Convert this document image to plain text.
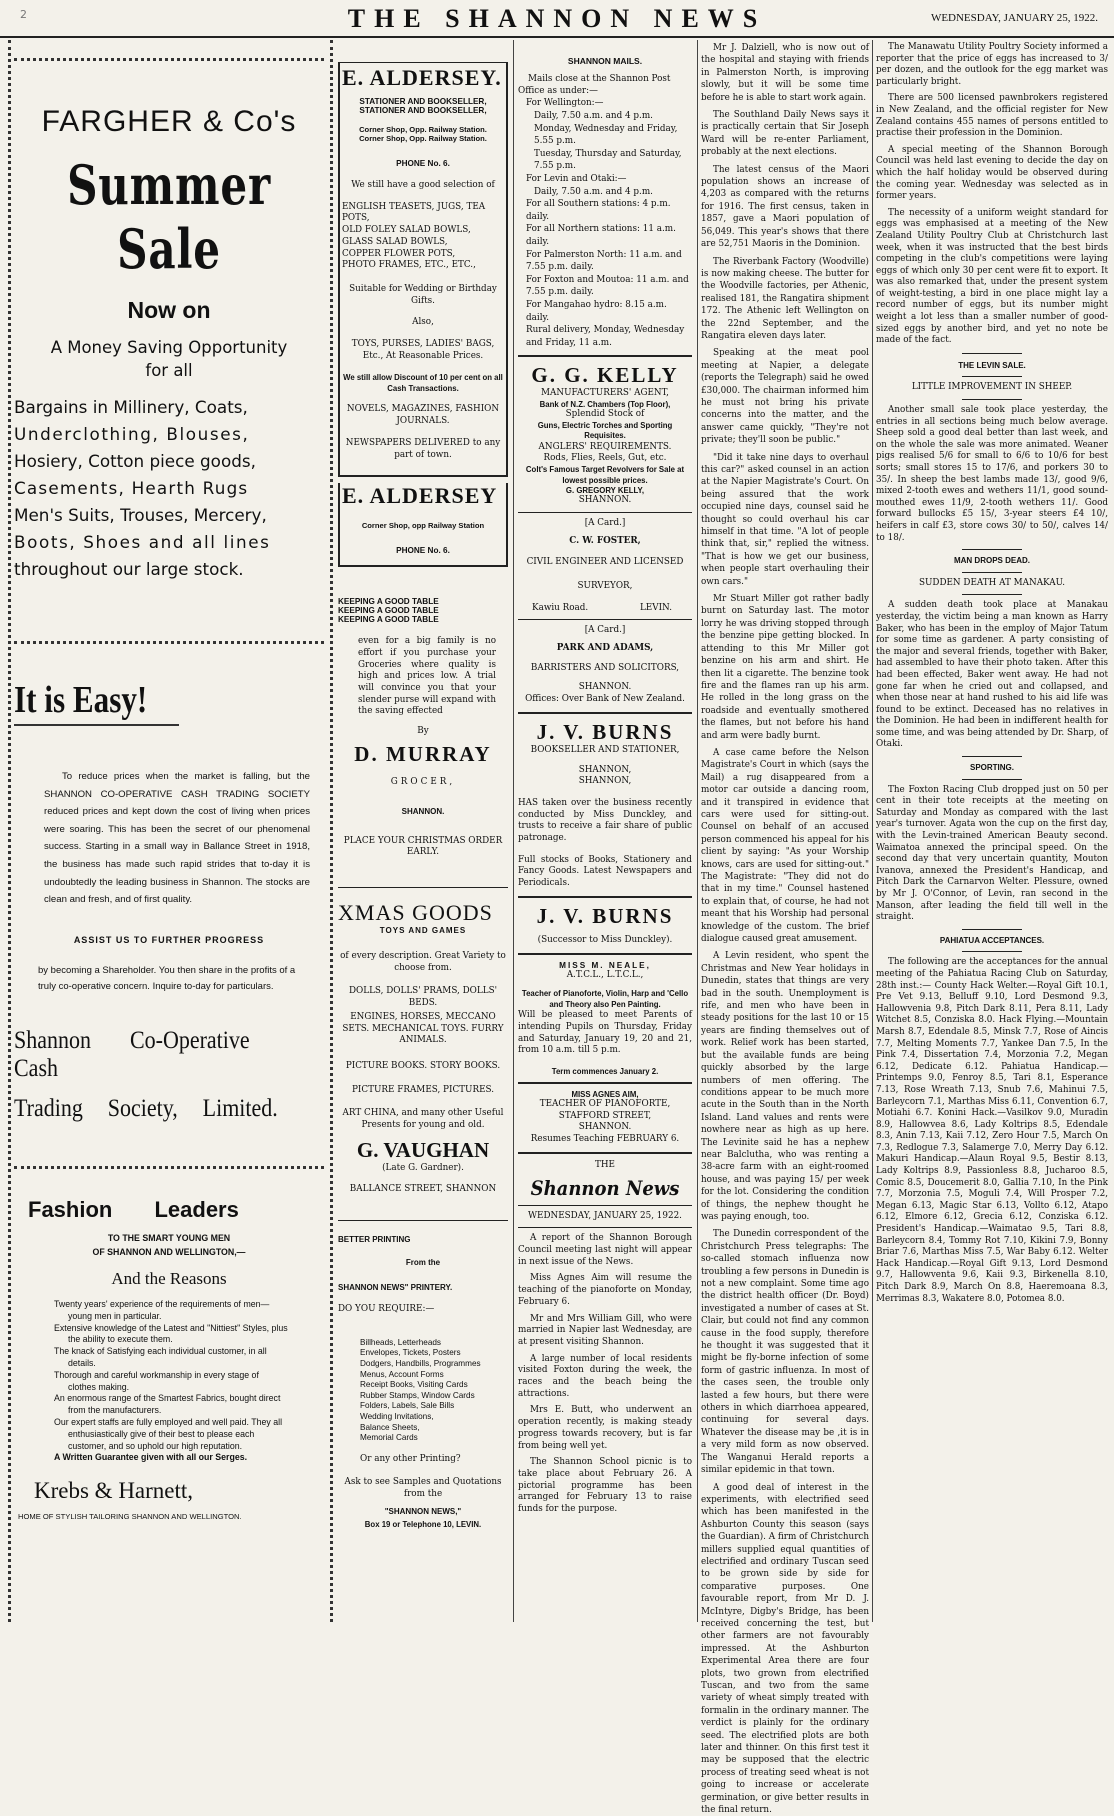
2	THE SHANNON NEWS	WEDNESDAY, JANUARY 25, 1922.
FARGHER & Co's
Summer Sale
Now on
A Money Saving Opportunity
for all
Bargains in Millinery, Coats,
Underclothing, Blouses,
Hosiery, Cotton piece goods,
Casements, Hearth Rugs
Men's Suits, Trouses, Mercery,
Boots, Shoes and all lines
throughout our large stock.
It is Easy!

To reduce prices when the market is falling, but the SHANNON CO-OPERATIVE CASH TRADING SOCIETY reduced prices and kept down the cost of living when prices were soaring. This has been the secret of our phenomenal success. Starting in a small way in Ballance Street in 1918, the business has made such rapid strides that to-day it is undoubtedly the leading business in Shannon. The stocks are clean and fresh, and of first quality.

ASSIST US TO FURTHER PROGRESS

by becoming a Shareholder. You then share in the profits of a truly co-operative concern. Inquire to-day for particulars.

Shannon Co-Operative Cash
Trading Society, Limited.
Fashion Leaders
TO THE SMART YOUNG MEN
OF SHANNON AND WELLINGTON,—
And the Reasons

Twenty years' experience of the requirements of men—young men in particular.

Extensive knowledge of the Latest and "Nittiest" Styles, plus the ability to execute them.

The knack of Satisfying each individual customer, in all details.

Thorough and careful workmanship in every stage of clothes making.

An enormous range of the Smartest Fabrics, bought direct from the manufacturers.

Our expert staffs are fully employed and well paid. They all enthusiastically give of their best to please each customer, and so uphold our high reputation.

A Written Guarantee given with all our Serges.

Krebs & Harnett,
HOME OF STYLISH TAILORING SHANNON AND WELLINGTON.
E. ALDERSEY.
STATIONER AND BOOKSELLER,
STATIONER AND BOOKSELLER,
Corner Shop, Opp. Railway Station.
Corner Shop, Opp. Railway Station.
PHONE No. 6.
We still have a good selection of
ENGLISH TEASETS, JUGS, TEA POTS,
OLD FOLEY SALAD BOWLS,
GLASS SALAD BOWLS,
COPPER FLOWER POTS,
PHOTO FRAMES, ETC., ETC.,
Suitable for Wedding or Birthday Gifts.
Also,
TOYS, PURSES, LADIES' BAGS, Etc., At Reasonable Prices.
We still allow Discount of 10 per cent on all Cash Transactions.
NOVELS, MAGAZINES, FASHION JOURNALS.
NEWSPAPERS DELIVERED to any part of town.
E. ALDERSEY
Corner Shop, opp Railway Station
PHONE No. 6.
KEEPING A GOOD TABLE
KEEPING A GOOD TABLE
KEEPING A GOOD TABLE

even for a big family is no effort if you purchase your Groceries where quality is high and prices low. A trial will convince you that your slender purse will expand with the saving effected

By
D. MURRAY
GROCER,
SHANNON.
PLACE YOUR CHRISTMAS ORDER EARLY.
XMAS GOODS
TOYS AND GAMES
of every description. Great Variety to choose from.
DOLLS, DOLLS' PRAMS, DOLLS' BEDS.
ENGINES, HORSES, MECCANO SETS. MECHANICAL TOYS. FURRY ANIMALS.
PICTURE BOOKS. STORY BOOKS.
PICTURE FRAMES, PICTURES.
ART CHINA, and many other Useful Presents for young and old.
G. VAUGHAN
(Late G. Gardner).
BALLANCE STREET, SHANNON
BETTER PRINTING
From the
SHANNON NEWS" PRINTERY.
DO YOU REQUIRE:—
Billheads, Letterheads
Envelopes, Tickets, Posters
Dodgers, Handbills, Programmes
Menus, Account Forms
Receipt Books, Visiting Cards
Rubber Stamps, Window Cards
Folders, Labels, Sale Bills
Wedding Invitations,
Balance Sheets,
Memorial Cards
Or any other Printing?
Ask to see Samples and Quotations from the
"SHANNON NEWS,"
Box 19 or Telephone 10, LEVIN.
SHANNON MAILS.

Mails close at the Shannon Post Office as under:—

For Wellington:—

Daily, 7.50 a.m. and 4 p.m.

Monday, Wednesday and Friday, 5.55 p.m.

Tuesday, Thursday and Saturday, 7.55 p.m.

For Levin and Otaki:—

Daily, 7.50 a.m. and 4 p.m.

For all Southern stations: 4 p.m. daily.

For all Northern stations: 11 a.m. daily.

For Palmerston North: 11 a.m. and 7.55 p.m. daily.

For Foxton and Moutoa: 11 a.m. and 7.55 p.m. daily.

For Mangahao hydro: 8.15 a.m. daily.

Rural delivery, Monday, Wednesday and Friday, 11 a.m.

G. G. KELLY
MANUFACTURERS' AGENT,
Bank of N.Z. Chambers (Top Floor),
Splendid Stock of
Guns, Electric Torches and Sporting Requisites.
ANGLERS' REQUIREMENTS.
Rods, Flies, Reels, Gut, etc.
Colt's Famous Target Revolvers for Sale at lowest possible prices.
G. GREGORY KELLY,
SHANNON.
[A Card.]
C. W. FOSTER,
CIVIL ENGINEER AND LICENSED
SURVEYOR,
Kawiu Road.	LEVIN.
[A Card.]
PARK AND ADAMS,
BARRISTERS AND SOLICITORS,
SHANNON.
Offices: Over Bank of New Zealand.
J. V. BURNS
BOOKSELLER AND STATIONER,
SHANNON,
SHANNON,

HAS taken over the business recently conducted by Miss Dunckley, and trusts to receive a fair share of public patronage.

Full stocks of Books, Stationery and Fancy Goods. Latest Newspapers and Periodicals.

J. V. BURNS
(Successor to Miss Dunckley).
MISS M. NEALE,
A.T.C.L., L.T.C.L.,
Teacher of Pianoforte, Violin, Harp and 'Cello and Theory also Pen Painting.

Will be pleased to meet Parents of intending Pupils on Thursday, Friday and Saturday, January 19, 20 and 21, from 10 a.m. till 5 p.m.

Term commences January 2.
MISS AGNES AIM,
TEACHER OF PIANOFORTE,
STAFFORD STREET,
SHANNON.
Resumes Teaching FEBRUARY 6.
THE
Shannon News
WEDNESDAY, JANUARY 25, 1922.

A report of the Shannon Borough Council meeting last night will appear in next issue of the News.

Miss Agnes Aim will resume the teaching of the pianoforte on Monday, February 6.

Mr and Mrs William Gill, who were married in Napier last Wednesday, are at present visiting Shannon.

A large number of local residents visited Foxton during the week, the races and the beach being the attractions.

Mrs E. Butt, who underwent an operation recently, is making steady progress towards recovery, but is far from being well yet.

The Shannon School picnic is to take place about February 26. A pictorial programme has been arranged for February 13 to raise funds for the purpose.

Mr J. Dalziell, who is now out of the hospital and staying with friends in Palmerston North, is improving slowly, but it will be some time before he is able to start work again.

The Southland Daily News says it is practically certain that Sir Joseph Ward will be re-enter Parliament, probably at the next elections.

The latest census of the Maori population shows an increase of 4,203 as compared with the returns for 1916. The first census, taken in 1857, gave a Maori population of 56,049. This year's shows that there are 52,751 Maoris in the Dominion.

The Riverbank Factory (Woodville) is now making cheese. The butter for the Woodville factories, per Athenic, realised 181, the Rangatira shipment 172. The Athenic left Wellington on the 22nd September, and the Rangatira eleven days later.

Speaking at the meat pool meeting at Napier, a delegate (reports the Telegraph) said he owed £30,000. The chairman informed him he must not bring his private concerns into the matter, and the answer came quickly, "They're not private; they'll soon be public."

"Did it take nine days to overhaul this car?" asked counsel in an action at the Napier Magistrate's Court. On being assured that the work occupied nine days, counsel said he thought so could overhaul his car himself in that time. "A lot of people think that, sir," replied the witness. "That is how we get our business, when people start overhauling their own cars."

Mr Stuart Miller got rather badly burnt on Saturday last. The motor lorry he was driving stopped through the benzine pipe getting blocked. In attending to this Mr Miller got benzine on his arm and shirt. He then lit a cigarette. The benzine took fire and the flames ran up his arm. He rolled in the long grass on the roadside and eventually smothered the flames, but not before his hand and arm were badly burnt.

A case came before the Nelson Magistrate's Court in which (says the Mail) a rug disappeared from a motor car outside a dancing room, and it transpired in evidence that cars were used for sitting-out. Counsel on behalf of an accused person commenced his appeal for his client by saying: "As your Worship knows, cars are used for sitting-out." The Magistrate: "They did not do that in my time." Counsel hastened to explain that, of course, he had not meant that his Worship had personal knowledge of the custom. The brief dialogue caused great amusement.

A Levin resident, who spent the Christmas and New Year holidays in Dunedin, states that things are very bad in the south. Unemployment is rife, and men who have been in steady positions for the last 10 or 15 years are finding themselves out of work. Relief work has been started, but the available funds are being quickly absorbed by the large numbers of men offering. The conditions appear to be much more acute in the South than in the North Island. Land values and rents were nowhere near as high as up here. The Levinite said he has a nephew near Balclutha, who was renting a 38-acre farm with an eight-roomed house, and was paying 15/ per week for the lot. Considering the condition of things, the nephew thought he was paying enough, too.

The Dunedin correspondent of the Christchurch Press telegraphs: The so-called stomach influenza now troubling a few persons in Dunedin is not a new complaint. Some time ago the district health officer (Dr. Boyd) investigated a number of cases at St. Clair, but could not find any common cause in the food supply, therefore he thought it was suggested that it might be fly-borne infection of some form of gastric influenza. In most of the cases seen, the trouble only lasted a few hours, but there were others in which diarrhoea appeared, continuing for several days. Whatever the disease may be ,it is in a very mild form as now observed. The Wanganui Herald reports a similar epidemic in that town.

A good deal of interest in the experiments, with electrified seed which has been manifested in the Ashburton County this season (says the Guardian). A firm of Christchurch millers supplied equal quantities of electrified and ordinary Tuscan seed to be grown side by side for comparative purposes. One favourable report, from Mr D. J. McIntyre, Digby's Bridge, has been received concerning the test, but other farmers are not favourably impressed. At the Ashburton Experimental Area there are four plots, two grown from electrified Tuscan, and two from the same variety of wheat simply treated with formalin in the ordinary manner. The verdict is plainly for the ordinary seed. The electrified plots are both later and thinner. On this first test it may be supposed that the electric process of treating seed wheat is not going to increase or accelerate germination, or give better results in the final return.

The Manawatu Utility Poultry Society informed a reporter that the price of eggs has increased to 3/ per dozen, and the outlook for the egg market was particularly bright.

There are 500 licensed pawnbrokers registered in New Zealand, and the official register for New Zealand contains 455 names of persons entitled to practise their profession in the Dominion.

A special meeting of the Shannon Borough Council was held last evening to decide the day on which the half holiday would be observed during the coming year. Wednesday was selected as in former years.

The necessity of a uniform weight standard for eggs was emphasised at a meeting of the New Zealand Utility Poultry Club at Christchurch last week, when it was instructed that the best birds competing in the club's competitions were laying eggs of which only 30 per cent were fit to export. It was also remarked that, under the present system of weight-testing, a bird in one place might lay a record number of eggs, but its number might weight a lot less than a smaller number of good-sized eggs by another bird, and yet no note be made of the fact.

THE LEVIN SALE.
LITTLE IMPROVEMENT IN SHEEP.

Another small sale took place yesterday, the entries in all sections being much below average. Sheep sold a good deal better than last week, and on the whole the sale was more animated. Weaner pigs realised 5/6 for small to 6/6 to 10/6 for best sorts; small stores 15 to 17/6, and porkers 30 to 35/. In sheep the best lambs made 13/, good 9/6, mixed 2-tooth ewes and wethers 11/1, good sound-mouthed ewes 11/9, 2-tooth wethers 11/. Good forward bullocks £5 15/, 3-year steers £4 10/, heifers in calf £3, store cows 30/ to 50/, calves 14/ to 18/.

MAN DROPS DEAD.
SUDDEN DEATH AT MANAKAU.

A sudden death took place at Manakau yesterday, the victim being a man known as Harry Baker, who has been in the employ of Major Tatum for some time as gardener. A party consisting of the major and several friends, together with Baker, had assembled to have their photo taken. After this had been effected, Baker went away. He had not gone far when he cried out and collapsed, and when those near at hand rushed to his aid life was found to be extinct. Deceased has no relatives in the Dominion. He had been in indifferent health for some time, and was being attended by Dr. Sharp, of Otaki.

SPORTING.

The Foxton Racing Club dropped just on 50 per cent in their tote receipts at the meeting on Saturday and Monday as compared with the last year's turnover. Agata won the cup on the first day, with the Levin-trained American Beauty second. Waimatoa annexed the principal speed. On the second day that very uncertain quantity, Mouton Ivanova, annexed the President's Handicap, and Pitch Dark the Carnarvon Welter. Plessure, owned by Mr J. O'Connor, of Levin, ran second in the Manson, after leading the field till well in the straight.

PAHIATUA ACCEPTANCES.

The following are the acceptances for the annual meeting of the Pahiatua Racing Club on Saturday, 28th inst.:— County Hack Welter.—Royal Gift 10.1, Pre Vet 9.13, Belluff 9.10, Lord Desmond 9.3, Hallowvenia 9.8, Pitch Dark 8.11, Pera 8.11, Lady Witchet 8.5, Conziska 8.0. Hack Flying.—Mountain Marsh 8.7, Edendale 8.5, Minsk 7.7, Rose of Aincis 7.7, Melting Moments 7.7, Yankee Dan 7.5, In the Pink 7.4, Dissertation 7.4, Morzonia 7.2, Megan 6.12, Dedicate 6.12. Pahiatua Handicap.—Printemps 9.0, Fenroy 8.5, Tari 8.1, Esperance 7.13, Rose Wreath 7.13, Snub 7.6, Mahinui 7.5, Barleycorn 7.1, Marthas Miss 6.11, Convention 6.7, Motiahi 6.7. Konini Hack.—Vasilkov 9.0, Muradin 8.9, Hallowvea 8.6, Lady Koltrips 8.5, Edendale 8.3, Anin 7.13, Kaii 7.12, Zero Hour 7.5, March On 7.3, Redlogue 7.3, Salamerge 7.0, Merry Day 6.12. Makuri Handicap.—Alaun Royal 9.5, Bestir 8.13, Lady Koltrips 8.9, Passionless 8.8, Jucharoo 8.5, Comic 8.5, Doucemerit 8.0, Gallia 7.10, In the Pink 7.7, Morzonia 7.5, Moguli 7.4, Will Prosper 7.2, Megan 6.13, Magic Star 6.13, Vollto 6.12, Atapo 6.12, Elmore 6.12, Grecia 6.12, Conziska 6.12. President's Handicap.—Waimatao 9.5, Tari 8.8, Barleycorn 8.4, Tommy Rot 7.10, Kikini 7.9, Bonny Briar 7.6, Marthas Miss 7.5, War Baby 6.12. Welter Hack Handicap.—Royal Gift 9.13, Lord Desmond 9.7, Hallowventa 9.6, Kaii 9.3, Birkenella 8.10, Pitch Dark 8.9, March On 8.8, Haeremoana 8.3, Merrimas 8.3, Wakatere 8.0, Potomea 8.0.
